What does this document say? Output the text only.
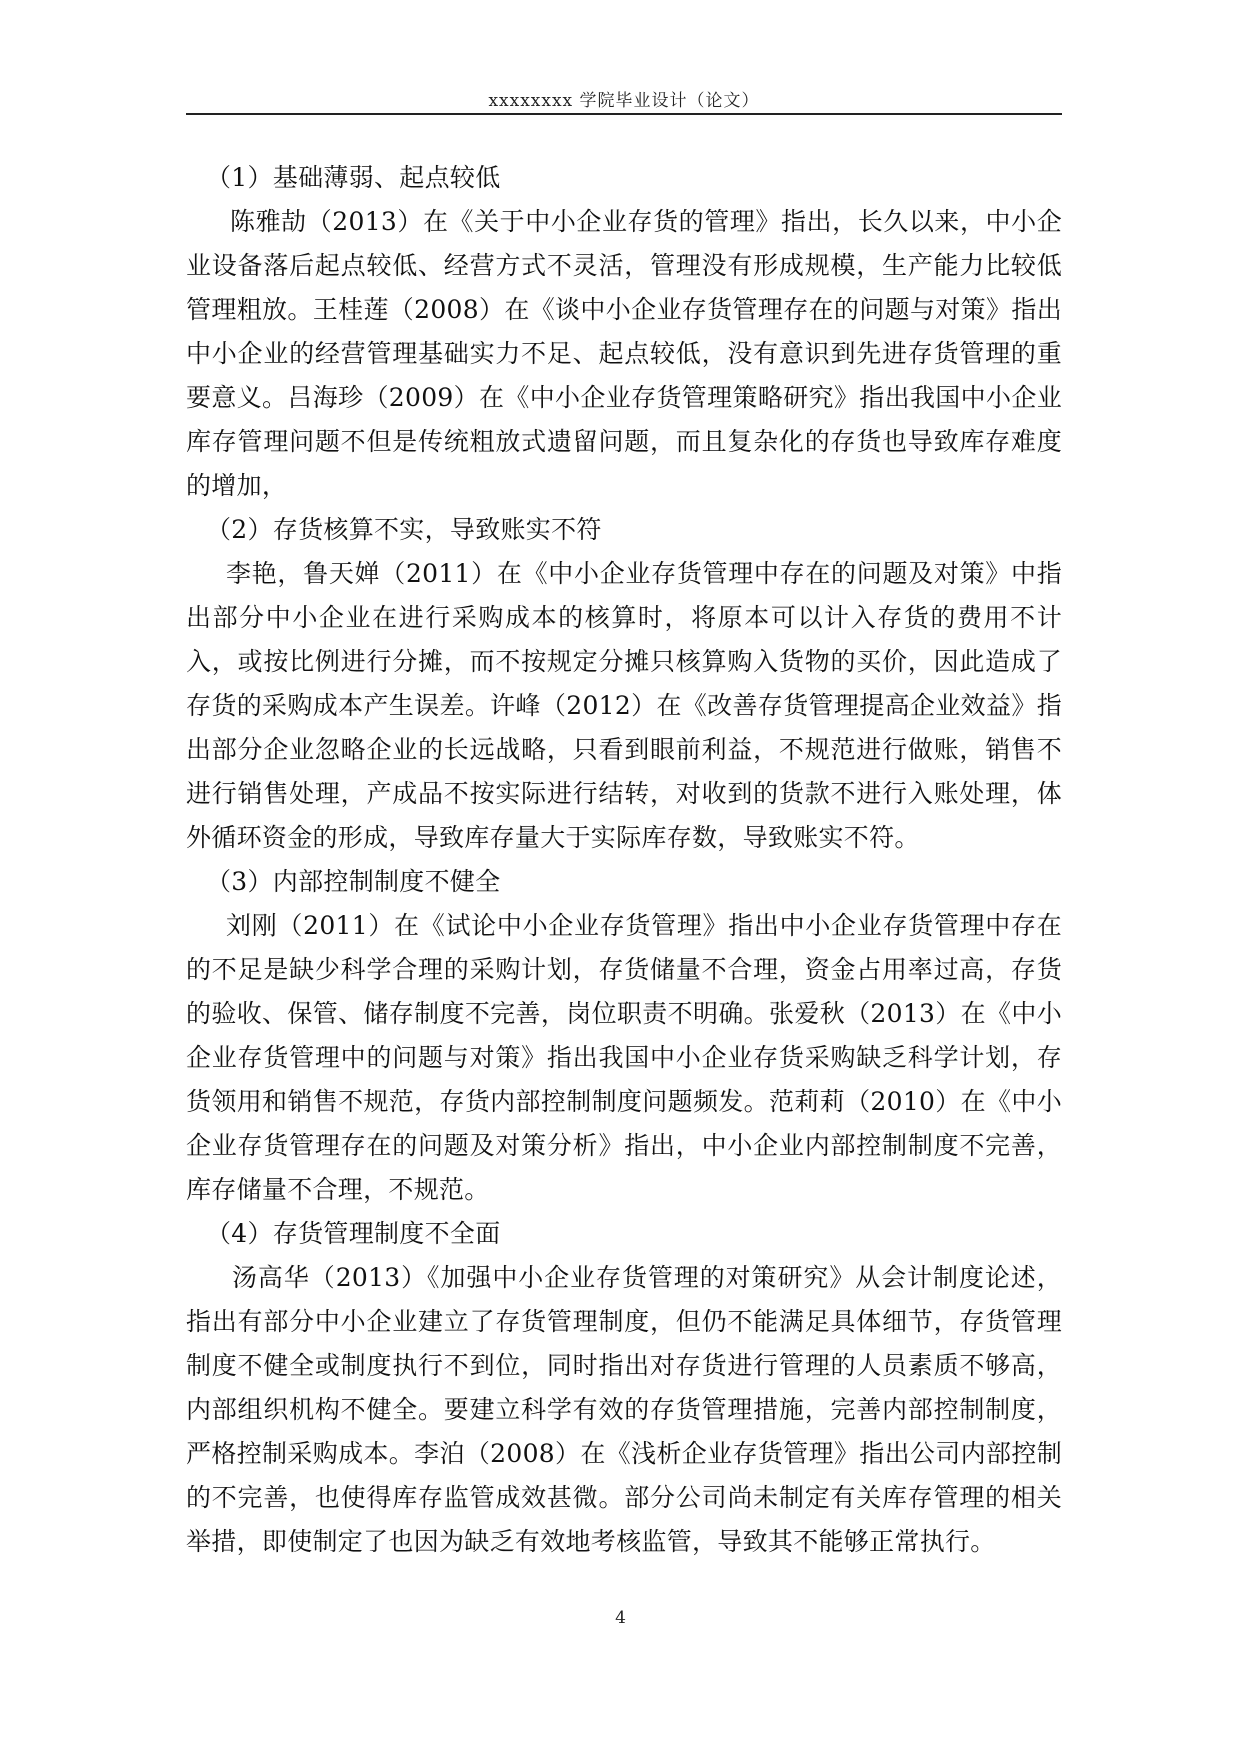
xxxxxxxx 学院毕业设计（论文）

（1）基础薄弱、起点较低

陈雅劼（2013）在《关于中小企业存货的管理》指出，长久以来，中小企业设备落后起点较低、经营方式不灵活，管理没有形成规模，生产能力比较低管理粗放。王桂莲（2008）在《谈中小企业存货管理存在的问题与对策》指出中小企业的经营管理基础实力不足、起点较低，没有意识到先进存货管理的重要意义。吕海珍（2009）在《中小企业存货管理策略研究》指出我国中小企业库存管理问题不但是传统粗放式遗留问题，而且复杂化的存货也导致库存难度的增加，

（2）存货核算不实，导致账实不符

李艳，鲁天婵（2011）在《中小企业存货管理中存在的问题及对策》中指出部分中小企业在进行采购成本的核算时，将原本可以计入存货的费用不计入，或按比例进行分摊，而不按规定分摊只核算购入货物的买价，因此造成了存货的采购成本产生误差。许峰（2012）在《改善存货管理提高企业效益》指出部分企业忽略企业的长远战略，只看到眼前利益，不规范进行做账，销售不进行销售处理，产成品不按实际进行结转，对收到的货款不进行入账处理，体外循环资金的形成，导致库存量大于实际库存数，导致账实不符。

（3）内部控制制度不健全

刘刚（2011）在《试论中小企业存货管理》指出中小企业存货管理中存在的不足是缺少科学合理的采购计划，存货储量不合理，资金占用率过高，存货的验收、保管、储存制度不完善，岗位职责不明确。张爱秋（2013）在《中小企业存货管理中的问题与对策》指出我国中小企业存货采购缺乏科学计划，存货领用和销售不规范，存货内部控制制度问题频发。范莉莉（2010）在《中小企业存货管理存在的问题及对策分析》指出，中小企业内部控制制度不完善，库存储量不合理，不规范。

（4）存货管理制度不全面

汤高华（2013）《加强中小企业存货管理的对策研究》从会计制度论述，指出有部分中小企业建立了存货管理制度，但仍不能满足具体细节，存货管理制度不健全或制度执行不到位，同时指出对存货进行管理的人员素质不够高，内部组织机构不健全。要建立科学有效的存货管理措施，完善内部控制制度，严格控制采购成本。李泊（2008）在《浅析企业存货管理》指出公司内部控制的不完善，也使得库存监管成效甚微。部分公司尚未制定有关库存管理的相关举措，即使制定了也因为缺乏有效地考核监管，导致其不能够正常执行。

4
